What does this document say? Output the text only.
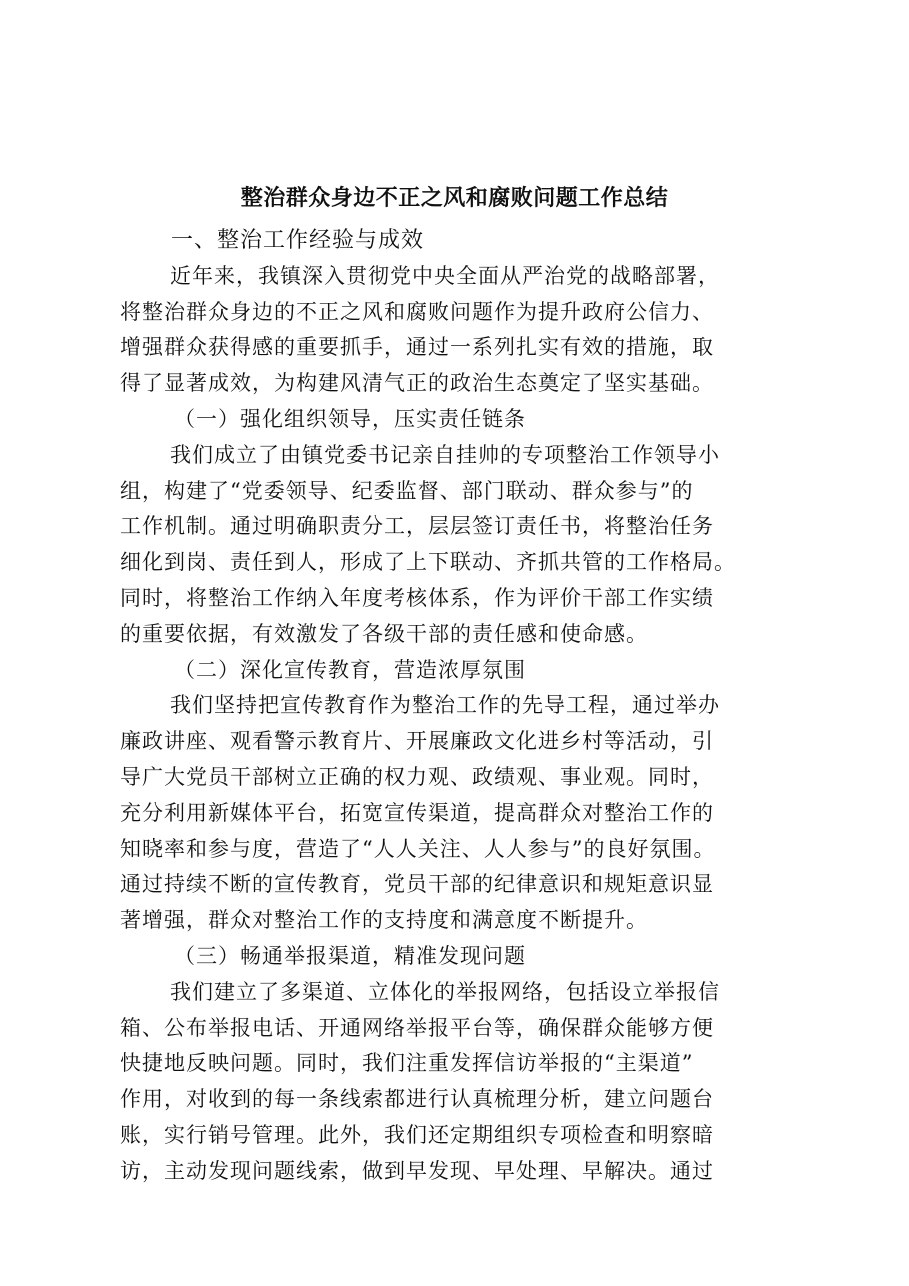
整治群众身边不正之风和腐败问题工作总结
一、整治工作经验与成效
近年来，我镇深入贯彻党中央全面从严治党的战略部署，
将整治群众身边的不正之风和腐败问题作为提升政府公信力、
增强群众获得感的重要抓手，通过一系列扎实有效的措施，取
得了显著成效，为构建风清气正的政治生态奠定了坚实基础。
（一）强化组织领导，压实责任链条
我们成立了由镇党委书记亲自挂帅的专项整治工作领导小
组，构建了“党委领导、纪委监督、部门联动、群众参与”的
工作机制。通过明确职责分工，层层签订责任书，将整治任务
细化到岗、责任到人，形成了上下联动、齐抓共管的工作格局。
同时，将整治工作纳入年度考核体系，作为评价干部工作实绩
的重要依据，有效激发了各级干部的责任感和使命感。
（二）深化宣传教育，营造浓厚氛围
我们坚持把宣传教育作为整治工作的先导工程，通过举办
廉政讲座、观看警示教育片、开展廉政文化进乡村等活动，引
导广大党员干部树立正确的权力观、政绩观、事业观。同时，
充分利用新媒体平台，拓宽宣传渠道，提高群众对整治工作的
知晓率和参与度，营造了“人人关注、人人参与”的良好氛围。
通过持续不断的宣传教育，党员干部的纪律意识和规矩意识显
著增强，群众对整治工作的支持度和满意度不断提升。
（三）畅通举报渠道，精准发现问题
我们建立了多渠道、立体化的举报网络，包括设立举报信
箱、公布举报电话、开通网络举报平台等，确保群众能够方便
快捷地反映问题。同时，我们注重发挥信访举报的“主渠道”
作用，对收到的每一条线索都进行认真梳理分析，建立问题台
账，实行销号管理。此外，我们还定期组织专项检查和明察暗
访，主动发现问题线索，做到早发现、早处理、早解决。通过
